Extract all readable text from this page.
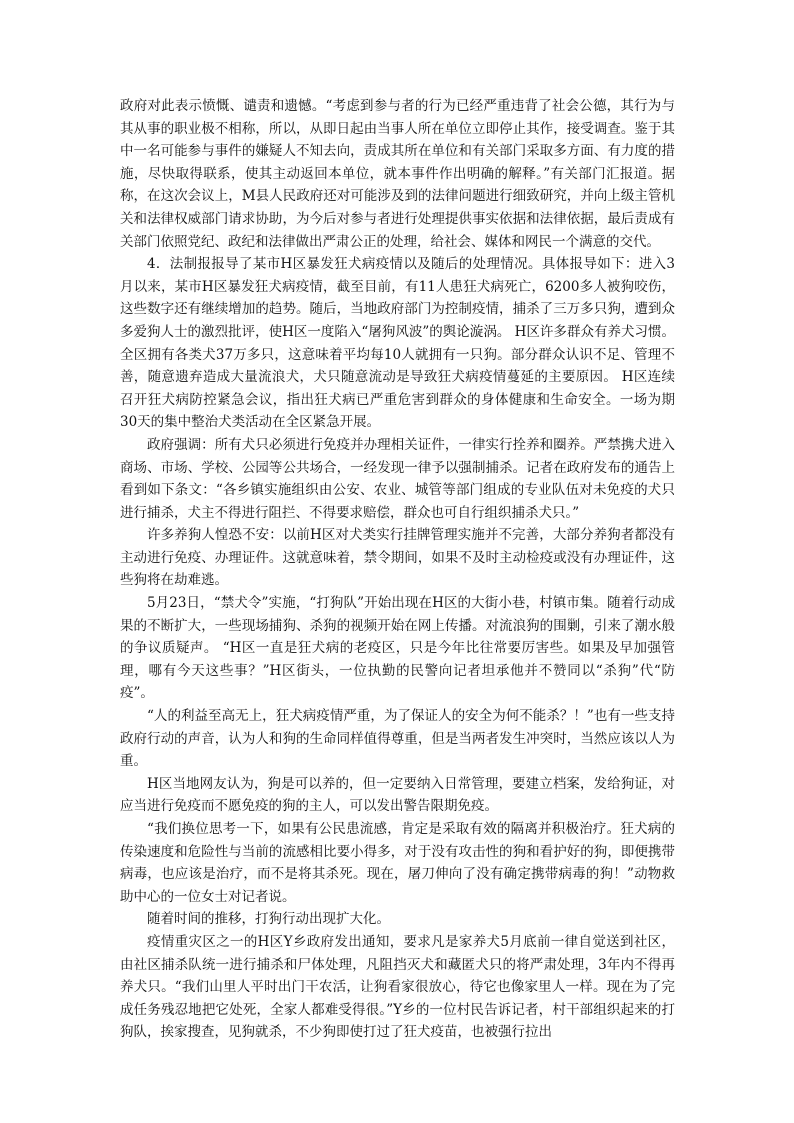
政府对此表示愤慨、谴责和遗憾。“考虑到参与者的行为已经严重违背了社会公德，其行为与其从事的职业极不相称，所以，从即日起由当事人所在单位立即停止其作，接受调查。鉴于其中一名可能参与事件的嫌疑人不知去向，责成其所在单位和有关部门采取多方面、有力度的措施，尽快取得联系，使其主动返回本单位，就本事件作出明确的解释。”有关部门汇报道。据称，在这次会议上，M县人民政府还对可能涉及到的法律问题进行细致研究，并向上级主管机关和法律权威部门请求协助，为今后对参与者进行处理提供事实依据和法律依据，最后责成有关部门依照党纪、政纪和法律做出严肃公正的处理，给社会、媒体和网民一个满意的交代。

4．法制报报导了某市H区暴发狂犬病疫情以及随后的处理情况。具体报导如下：进入3月以来，某市H区暴发狂犬病疫情，截至目前，有11人患狂犬病死亡，6200多人被狗咬伤，这些数字还有继续增加的趋势。随后，当地政府部门为控制疫情，捕杀了三万多只狗，遭到众多爱狗人士的激烈批评，使H区一度陷入“屠狗风波”的舆论漩涡。 H区许多群众有养犬习惯。全区拥有各类犬37万多只，这意味着平均每10人就拥有一只狗。部分群众认识不足、管理不善，随意遗弃造成大量流浪犬，犬只随意流动是导致狂犬病疫情蔓延的主要原因。 H区连续召开狂犬病防控紧急会议，指出狂犬病已严重危害到群众的身体健康和生命安全。一场为期30天的集中整治犬类活动在全区紧急开展。

政府强调：所有犬只必须进行免疫并办理相关证件，一律实行拴养和圈养。严禁携犬进入商场、市场、学校、公园等公共场合，一经发现一律予以强制捕杀。记者在政府发布的通告上看到如下条文：“各乡镇实施组织由公安、农业、城管等部门组成的专业队伍对未免疫的犬只进行捕杀，犬主不得进行阻拦、不得要求赔偿，群众也可自行组织捕杀犬只。”

许多养狗人惶恐不安：以前H区对犬类实行挂牌管理实施并不完善，大部分养狗者都没有主动进行免疫、办理证件。这就意味着，禁令期间，如果不及时主动检疫或没有办理证件，这些狗将在劫难逃。

5月23日，“禁犬令”实施，“打狗队”开始出现在H区的大街小巷，村镇市集。随着行动成果的不断扩大，一些现场捕狗、杀狗的视频开始在网上传播。对流浪狗的围剿，引来了潮水般的争议质疑声。 “H区一直是狂犬病的老疫区，只是今年比往常要厉害些。如果及早加强管理，哪有今天这些事？”H区街头，一位执勤的民警向记者坦承他并不赞同以“杀狗”代“防疫”。

“人的利益至高无上，狂犬病疫情严重，为了保证人的安全为何不能杀？！”也有一些支持政府行动的声音，认为人和狗的生命同样值得尊重，但是当两者发生冲突时，当然应该以人为重。

H区当地网友认为，狗是可以养的，但一定要纳入日常管理，要建立档案，发给狗证，对应当进行免疫而不愿免疫的狗的主人，可以发出警告限期免疫。

“我们换位思考一下，如果有公民患流感，肯定是采取有效的隔离并积极治疗。狂犬病的传染速度和危险性与当前的流感相比要小得多，对于没有攻击性的狗和看护好的狗，即便携带病毒，也应该是治疗，而不是将其杀死。现在，屠刀伸向了没有确定携带病毒的狗！”动物救助中心的一位女士对记者说。

随着时间的推移，打狗行动出现扩大化。

疫情重灾区之一的H区Y乡政府发出通知，要求凡是家养犬5月底前一律自觉送到社区，由社区捕杀队统一进行捕杀和尸体处理，凡阻挡灭犬和藏匿犬只的将严肃处理，3年内不得再养犬只。“我们山里人平时出门干农活，让狗看家很放心，待它也像家里人一样。现在为了完成任务残忍地把它处死，全家人都难受得很。”Y乡的一位村民告诉记者，村干部组织起来的打狗队，挨家搜查，见狗就杀，不少狗即使打过了狂犬疫苗，也被强行拉出
